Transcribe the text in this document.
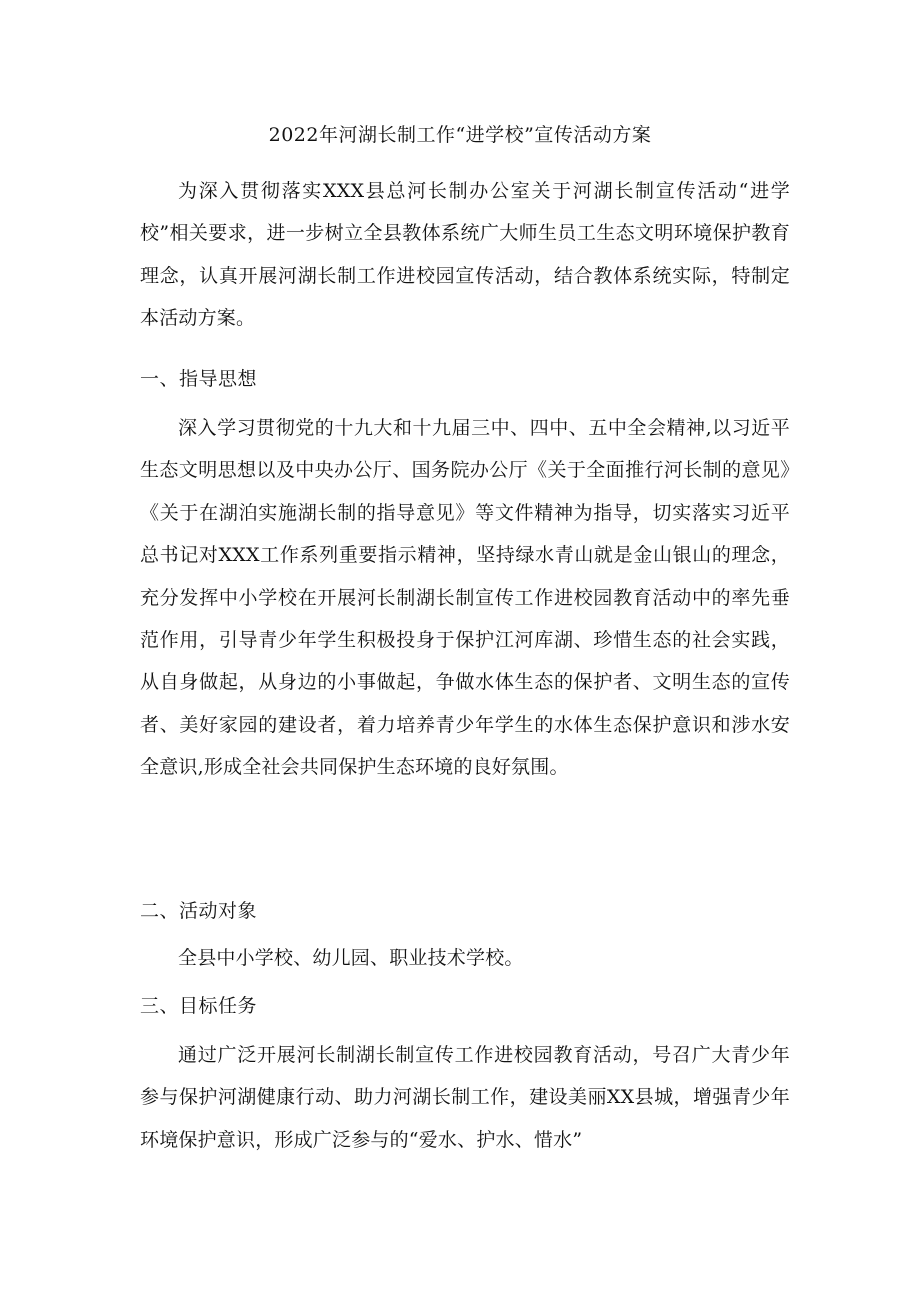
2022年河湖长制工作“进学校”宣传活动方案

为深入贯彻落实XXX县总河长制办公室关于河湖长制宣传活动“进学校”相关要求，进一步树立全县教体系统广大师生员工生态文明环境保护教育理念，认真开展河湖长制工作进校园宣传活动，结合教体系统实际，特制定本活动方案。

一、指导思想

深入学习贯彻党的十九大和十九届三中、四中、五中全会精神,以习近平生态文明思想以及中央办公厅、国务院办公厅《关于全面推行河长制的意见》《关于在湖泊实施湖长制的指导意见》等文件精神为指导，切实落实习近平总书记对XXX工作系列重要指示精神，坚持绿水青山就是金山银山的理念，充分发挥中小学校在开展河长制湖长制宣传工作进校园教育活动中的率先垂范作用，引导青少年学生积极投身于保护江河库湖、珍惜生态的社会实践，从自身做起，从身边的小事做起，争做水体生态的保护者、文明生态的宣传者、美好家园的建设者，着力培养青少年学生的水体生态保护意识和涉水安全意识,形成全社会共同保护生态环境的良好氛围。

二、活动对象

全县中小学校、幼儿园、职业技术学校。

三、目标任务

通过广泛开展河长制湖长制宣传工作进校园教育活动，号召广大青少年参与保护河湖健康行动、助力河湖长制工作，建设美丽XX县城，增强青少年环境保护意识，形成广泛参与的“爱水、护水、惜水”
